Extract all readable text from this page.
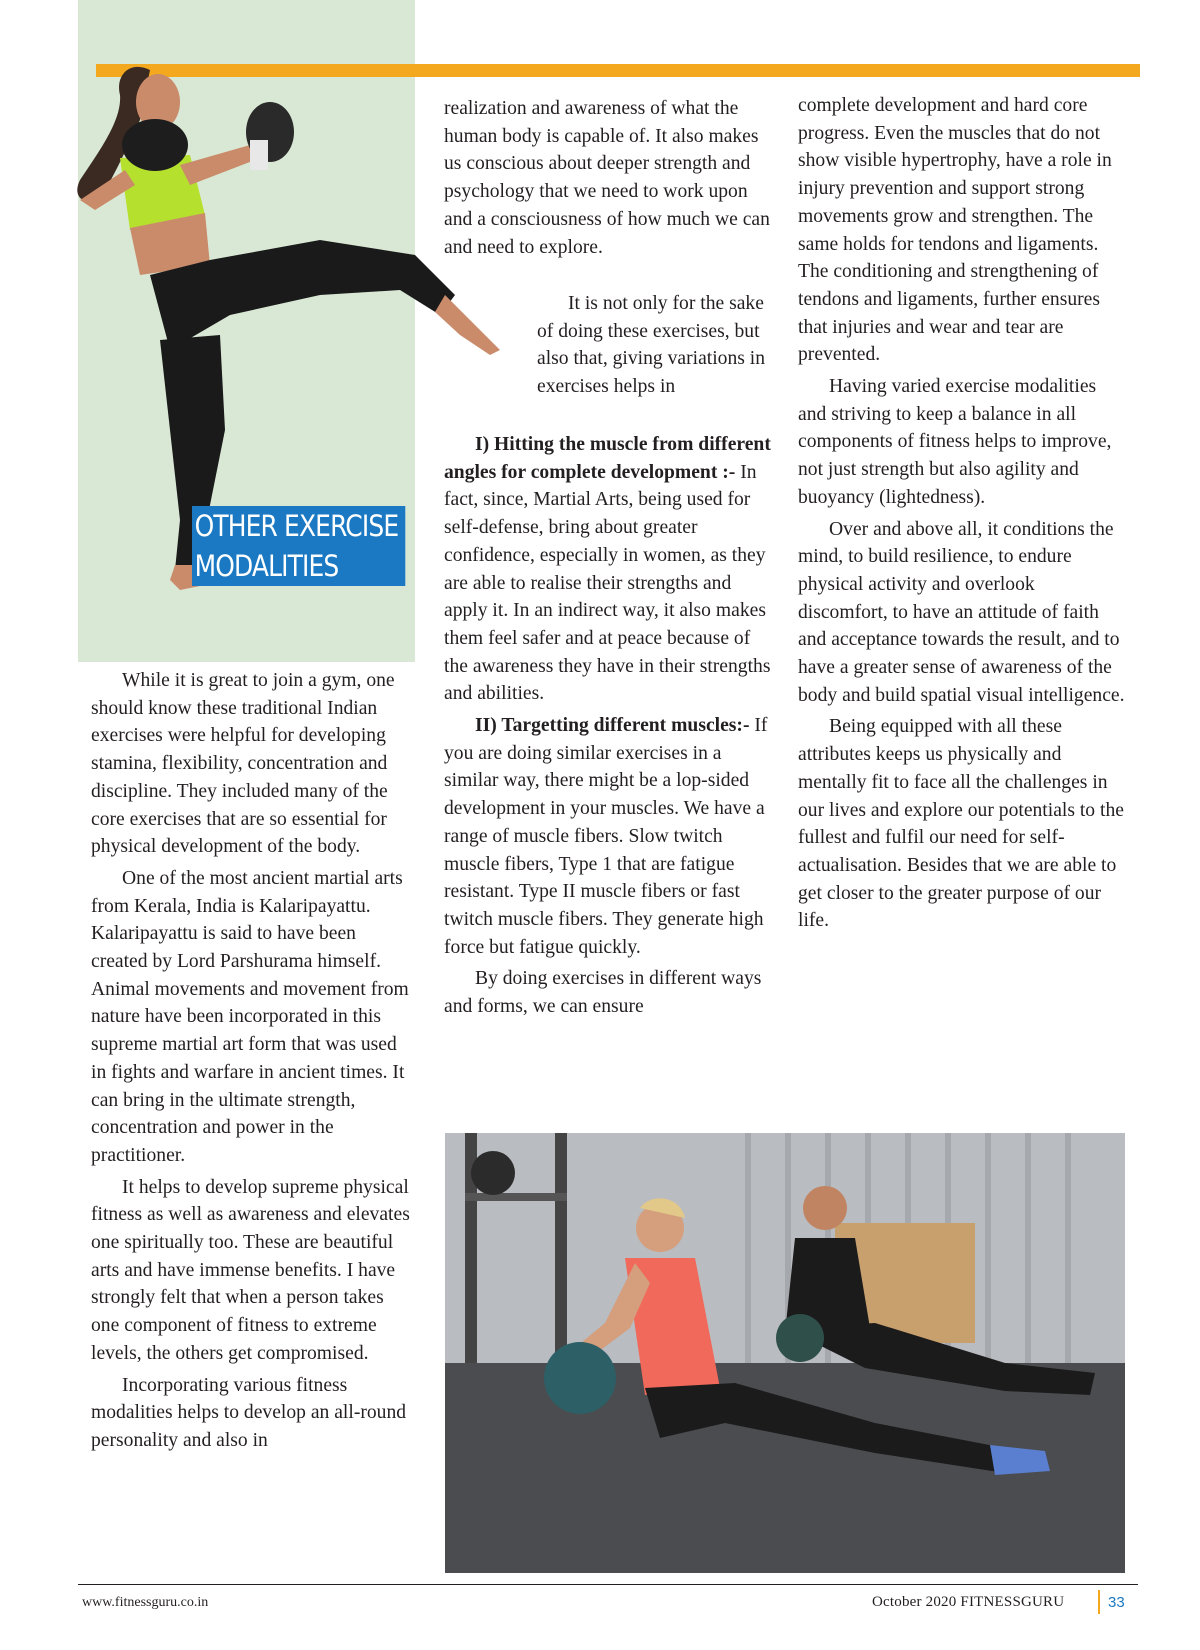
OTHER EXERCISE
MODALITIES

While it is great to join a gym, one should know these traditional Indian exercises were helpful for developing stamina, flexibility, concentration and discipline. They included many of the core exercises that are so essential for physical development of the body.

One of the most ancient martial arts from Kerala, India is Kalaripayattu. Kalaripayattu is said to have been created by Lord Parshurama himself. Animal movements and movement from nature have been incorporated in this supreme martial art form that was used in fights and warfare in ancient times. It can bring in the ultimate strength, concentration and power in the practitioner.

It helps to develop supreme physical fitness as well as awareness and elevates one spiritually too. These are beautiful arts and have immense benefits. I have strongly felt that when a person takes one component of fitness to extreme levels, the others get compromised.

Incorporating various fitness modalities helps to develop an all-round personality and also in

realization and awareness of what the human body is capable of. It also makes us conscious about deeper strength and psychology that we need to work upon and a consciousness of how much we can and need to explore.

It is not only for the sake of doing these exercises, but also that, giving variations in exercises helps in

I) Hitting the muscle from different angles for complete development :- In fact, since, Martial Arts, being used for self-defense, bring about greater confidence, especially in women, as they are able to realise their strengths and apply it. In an indirect way, it also makes them feel safer and at peace because of the awareness they have in their strengths and abilities.

II) Targetting different muscles:- If you are doing similar exercises in a similar way, there might be a lop-sided development in your muscles. We have a range of muscle fibers. Slow twitch muscle fibers, Type 1 that are fatigue resistant. Type II muscle fibers or fast twitch muscle fibers. They generate high force but fatigue quickly.

By doing exercises in different ways and forms, we can ensure

complete development and hard core progress. Even the muscles that do not show visible hypertrophy, have a role in injury prevention and support strong movements grow and strengthen. The same holds for tendons and ligaments. The conditioning and strengthening of tendons and ligaments, further ensures that injuries and wear and tear are prevented.

Having varied exercise modalities and striving to keep a balance in all components of fitness helps to improve, not just strength but also agility and buoyancy (lightedness).

Over and above all, it conditions the mind, to build resilience, to endure physical activity and overlook discomfort, to have an attitude of faith and acceptance towards the result, and to have a greater sense of awareness of the body and build spatial visual intelligence.

Being equipped with all these attributes keeps us physically and mentally fit to face all the challenges in our lives and explore our potentials to the fullest and fulfil our need for self-actualisation. Besides that we are able to get closer to the greater purpose of our life.

www.fitnessguru.co.in	October 2020 FITNESSGURU	33
